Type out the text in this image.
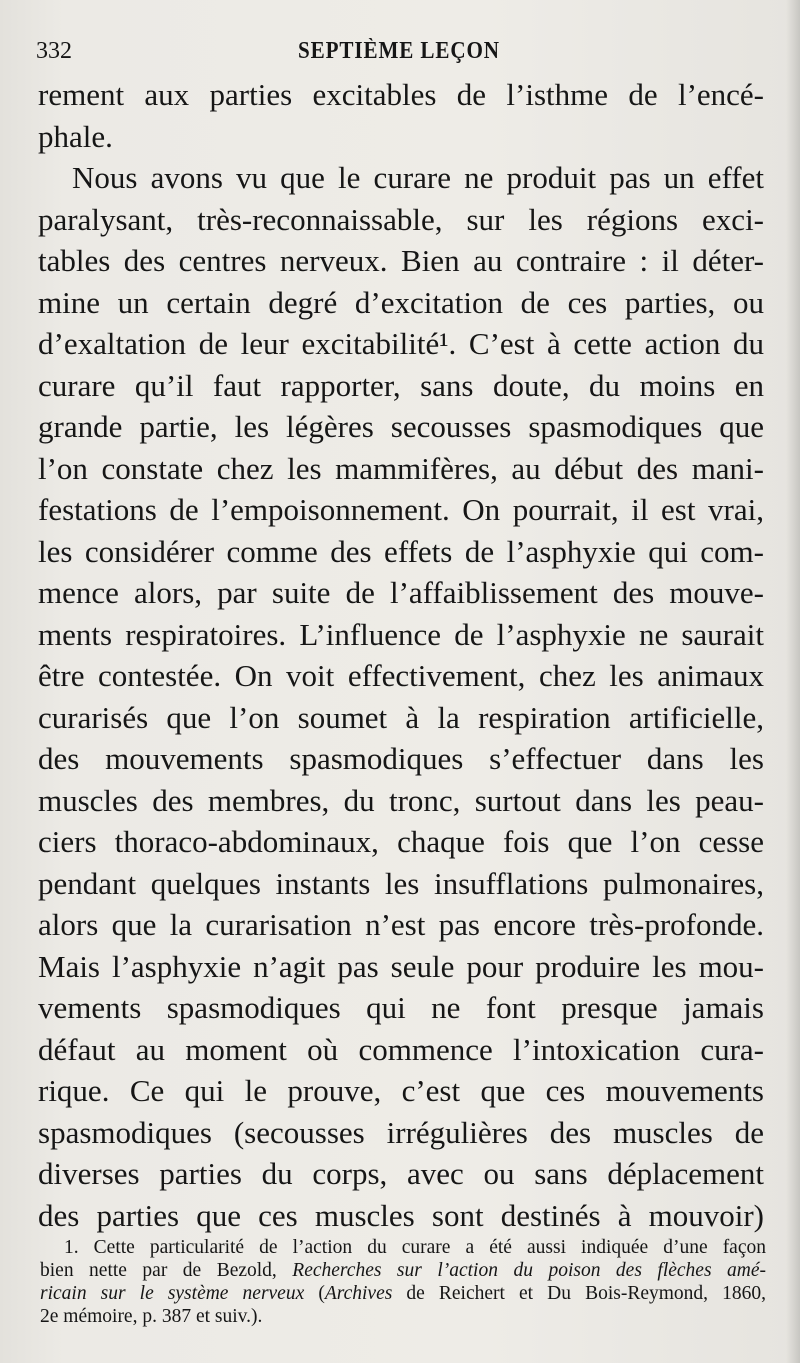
332	SEPTIÈME LEÇON
rement aux parties excitables de l’isthme de l’encé-
phale.
Nous avons vu que le curare ne produit pas un effet
paralysant, très-reconnaissable, sur les régions exci-
tables des centres nerveux. Bien au contraire : il déter-
mine un certain degré d’excitation de ces parties, ou
d’exaltation de leur excitabilité¹. C’est à cette action du
curare qu’il faut rapporter, sans doute, du moins en
grande partie, les légères secousses spasmodiques que
l’on constate chez les mammifères, au début des mani-
festations de l’empoisonnement. On pourrait, il est vrai,
les considérer comme des effets de l’asphyxie qui com-
mence alors, par suite de l’affaiblissement des mouve-
ments respiratoires. L’influence de l’asphyxie ne saurait
être contestée. On voit effectivement, chez les animaux
curarisés que l’on soumet à la respiration artificielle,
des mouvements spasmodiques s’effectuer dans les
muscles des membres, du tronc, surtout dans les peau-
ciers thoraco-abdominaux, chaque fois que l’on cesse
pendant quelques instants les insufflations pulmonaires,
alors que la curarisation n’est pas encore très-profonde.
Mais l’asphyxie n’agit pas seule pour produire les mou-
vements spasmodiques qui ne font presque jamais
défaut au moment où commence l’intoxication cura-
rique. Ce qui le prouve, c’est que ces mouvements
spasmodiques (secousses irrégulières des muscles de
diverses parties du corps, avec ou sans déplacement
des parties que ces muscles sont destinés à mouvoir)
1. Cette particularité de l’action du curare a été aussi indiquée d’une façon
bien nette par de Bezold, Recherches sur l’action du poison des flèches amé-
ricain sur le système nerveux (Archives de Reichert et Du Bois-Reymond, 1860,
2e mémoire, p. 387 et suiv.).
